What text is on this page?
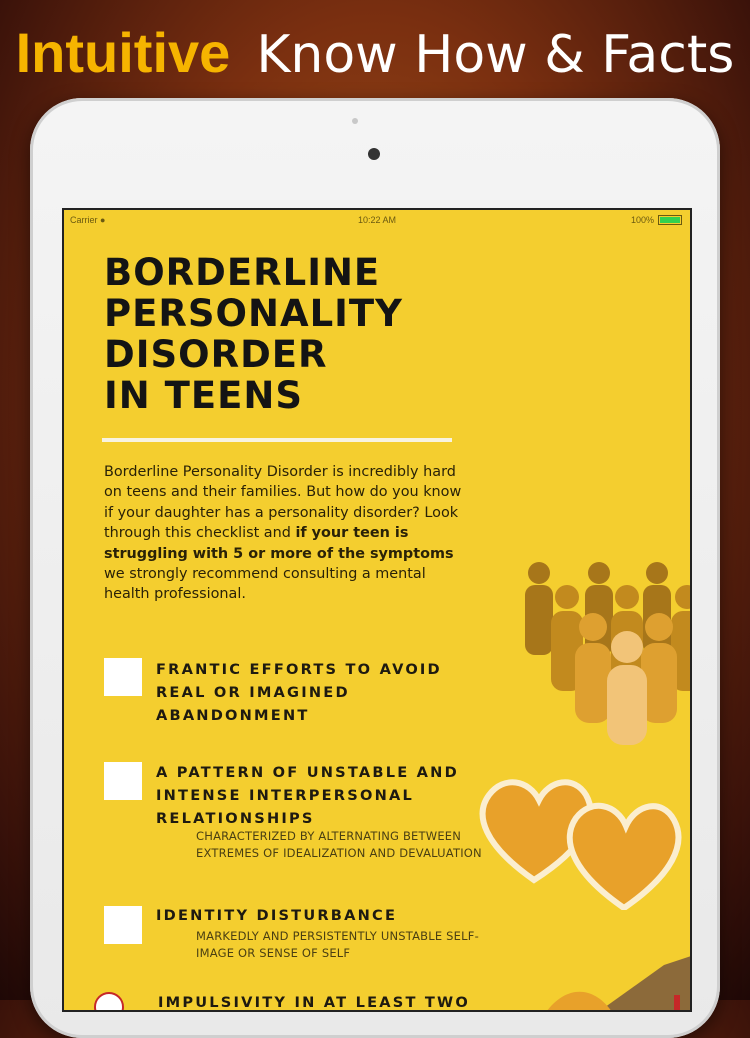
Intuitive Know How & Facts
Carrier ●	10:22 AM	100%
BORDERLINE
PERSONALITY
DISORDER
IN TEENS
Borderline Personality Disorder is incredibly hard on teens and their families. But how do you know if your daughter has a personality disorder? Look through this checklist and if your teen is struggling with 5 or more of the symptoms we strongly recommend consulting a mental health professional.
FRANTIC EFFORTS TO AVOID REAL OR IMAGINED ABANDONMENT
A PATTERN OF UNSTABLE AND INTENSE INTERPERSONAL RELATIONSHIPS
CHARACTERIZED BY ALTERNATING BETWEEN EXTREMES OF IDEALIZATION AND DEVALUATION
IDENTITY DISTURBANCE
MARKEDLY AND PERSISTENTLY UNSTABLE SELF-IMAGE OR SENSE OF SELF
IMPULSIVITY IN AT LEAST TWO
